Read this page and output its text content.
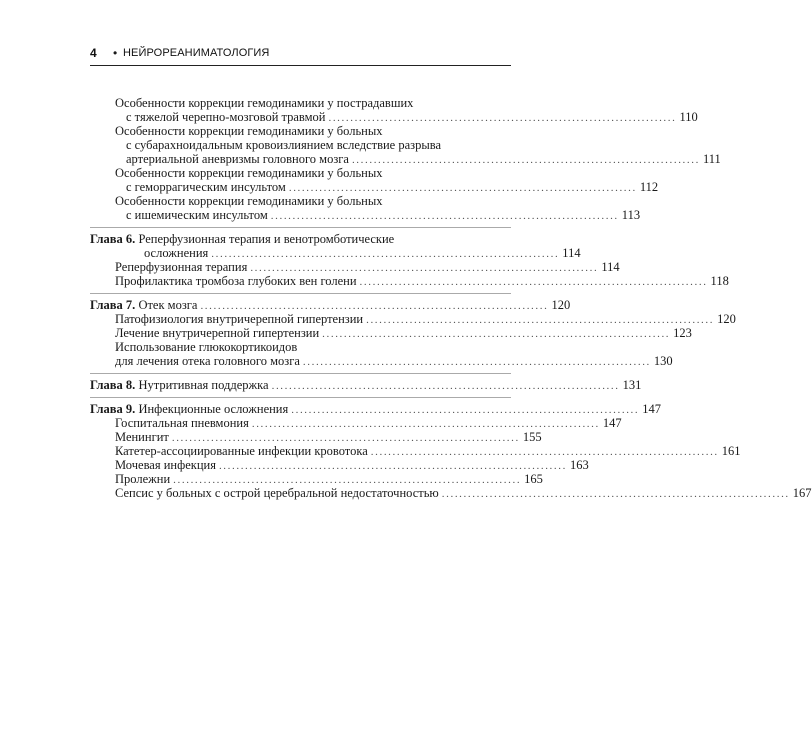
4 • НЕЙРОРЕАНИМАТОЛОГИЯ
Особенности коррекции гемодинамики у пострадавших
с тяжелой черепно-мозговой травмой ................................................................................ 110
Особенности коррекции гемодинамики у больных
с субарахноидальным кровоизлиянием вследствие разрыва
артериальной аневризмы головного мозга ................................................................................ 111
Особенности коррекции гемодинамики у больных
с геморрагическим инсультом ................................................................................ 112
Особенности коррекции гемодинамики у больных
с ишемическим инсультом ................................................................................ 113
Глава 6. Реперфузионная терапия и венотромботические
осложнения ................................................................................ 114
Реперфузионная терапия ................................................................................ 114
Профилактика тромбоза глубоких вен голени ................................................................................ 118
Глава 7. Отек мозга ................................................................................ 120
Патофизиология внутричерепной гипертензии ................................................................................ 120
Лечение внутричерепной гипертензии ................................................................................ 123
Использование глюкокортикоидов
для лечения отека головного мозга ................................................................................ 130
Глава 8. Нутритивная поддержка ................................................................................ 131
Глава 9. Инфекционные осложнения ................................................................................ 147
Госпитальная пневмония ................................................................................ 147
Менингит ................................................................................ 155
Катетер-ассоциированные инфекции кровотока ................................................................................ 161
Мочевая инфекция ................................................................................ 163
Пролежни ................................................................................ 165
Сепсис у больных с острой церебральной недостаточностью ................................................................................ 167
